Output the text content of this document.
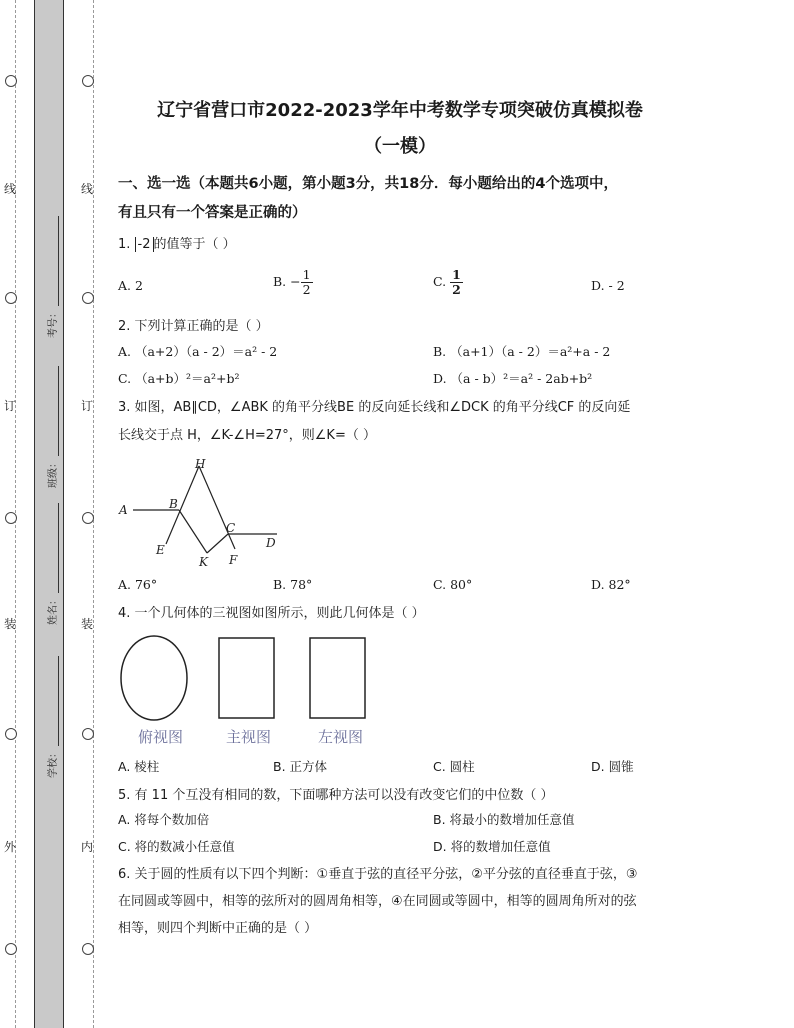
线
订
装
外
线
订
装
内
考号：
班级：
姓名：
学校：
辽宁省营口市2022-2023学年中考数学专项突破仿真模拟卷
（一模）
一、选一选（本题共6小题，第小题3分，共18分．每小题给出的4个选项中，
有且只有一个答案是正确的）
1. -2 的值等于（ ）
A. 2	B. − $\frac{1}{2}$	C. $\frac{1}{2}$	D. - 2
2. 下列计算正确的是（ ）
A. （a+2）（a - 2）＝a² - 2	B. （a+1）（a - 2）＝a²+a - 2
C. （a+b）²＝a²+b²	D. （a - b）²＝a² - 2ab+b²
3. 如图，AB∥CD，∠ABK 的角平分线BE 的反向延长线和∠DCK 的角平分线CF 的反向延
长线交于点 H，∠K-∠H=27°，则∠K=（ ）
H
A	B
C
D
E
K F
A. 76°	B. 78°	C. 80°	D. 82°
4. 一个几何体的三视图如图所示，则此几何体是（ ）
俯视图	主视图	左视图
A. 棱柱	B. 正方体	C. 圆柱	D. 圆锥
5. 有 11 个互没有相同的数，下面哪种方法可以没有改变它们的中位数（ ）
A. 将每个数加倍	B. 将最小的数增加任意值
C. 将的数减小任意值	D. 将的数增加任意值
6. 关于圆的性质有以下四个判断：①垂直于弦的直径平分弦，②平分弦的直径垂直于弦，③
在同圆或等圆中，相等的弦所对的圆周角相等，④在同圆或等圆中，相等的圆周角所对的弦
相等，则四个判断中正确的是（ ）
